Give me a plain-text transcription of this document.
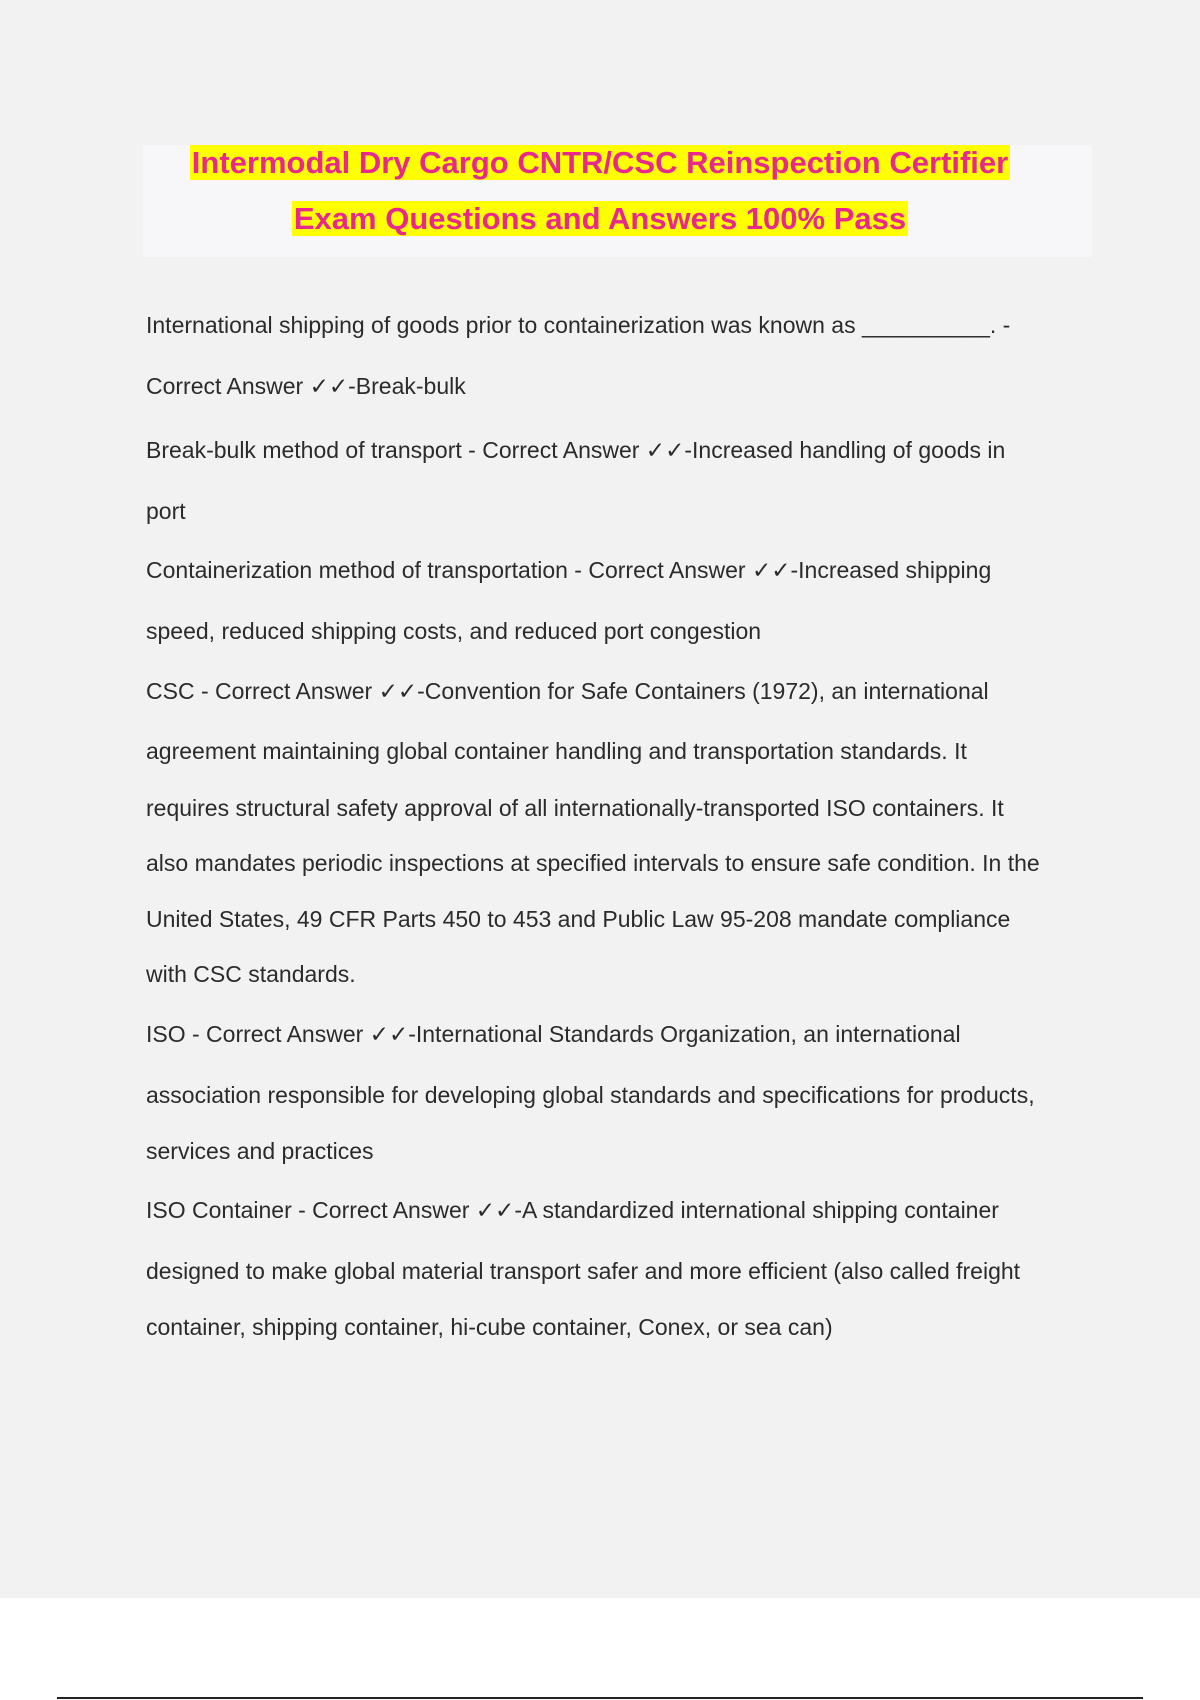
Intermodal Dry Cargo CNTR/CSC Reinspection Certifier
Exam Questions and Answers 100% Pass
International shipping of goods prior to containerization was known as __________. -
Correct Answer ✓✓-Break-bulk
Break-bulk method of transport - Correct Answer ✓✓-Increased handling of goods in
port
Containerization method of transportation - Correct Answer ✓✓-Increased shipping
speed, reduced shipping costs, and reduced port congestion
CSC - Correct Answer ✓✓-Convention for Safe Containers (1972), an international
agreement maintaining global container handling and transportation standards. It
requires structural safety approval of all internationally-transported ISO containers. It
also mandates periodic inspections at specified intervals to ensure safe condition. In the
United States, 49 CFR Parts 450 to 453 and Public Law 95-208 mandate compliance
with CSC standards.
ISO - Correct Answer ✓✓-International Standards Organization, an international
association responsible for developing global standards and specifications for products,
services and practices
ISO Container - Correct Answer ✓✓-A standardized international shipping container
designed to make global material transport safer and more efficient (also called freight
container, shipping container, hi-cube container, Conex, or sea can)
